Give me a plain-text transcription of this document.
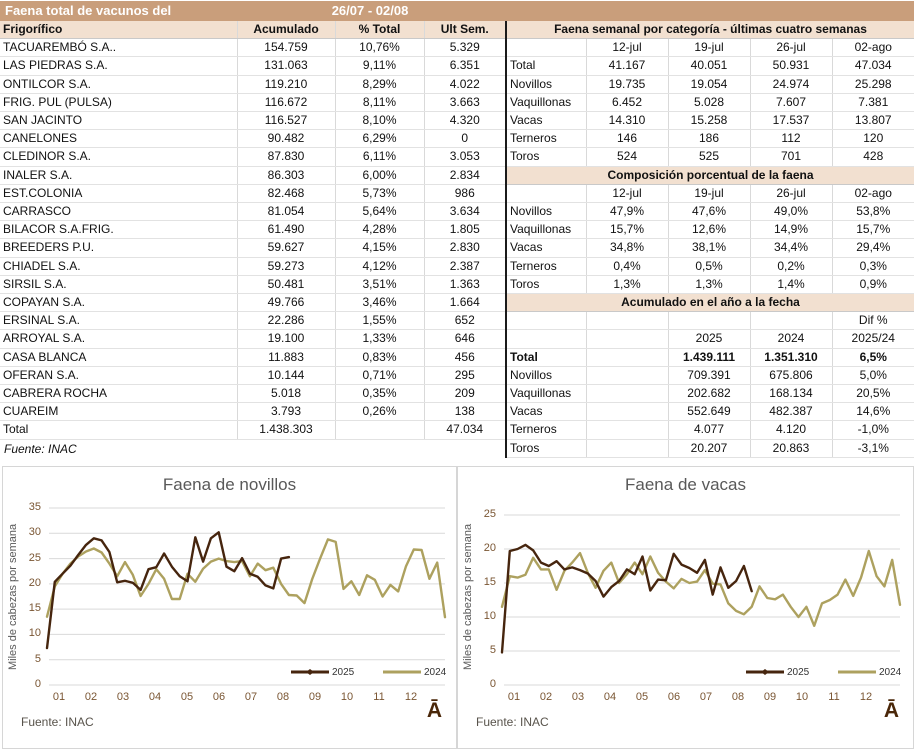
Faena total de vacunos del	26/07 - 02/08
Frigorífico	Acumulado	% Total	Ult Sem.
TACUAREMBÓ S.A..	154.759	10,76%	5.329
LAS PIEDRAS S.A.	131.063	9,11%	6.351
ONTILCOR S.A.	119.210	8,29%	4.022
FRIG. PUL (PULSA)	116.672	8,11%	3.663
SAN JACINTO	116.527	8,10%	4.320
CANELONES	90.482	6,29%	0
CLEDINOR S.A.	87.830	6,11%	3.053
INALER S.A.	86.303	6,00%	2.834
EST.COLONIA	82.468	5,73%	986
CARRASCO	81.054	5,64%	3.634
BILACOR S.A.FRIG.	61.490	4,28%	1.805
BREEDERS P.U.	59.627	4,15%	2.830
CHIADEL S.A.	59.273	4,12%	2.387
SIRSIL S.A.	50.481	3,51%	1.363
COPAYAN S.A.	49.766	3,46%	1.664
ERSINAL S.A.	22.286	1,55%	652
ARROYAL S.A.	19.100	1,33%	646
CASA BLANCA	11.883	0,83%	456
OFERAN S.A.	10.144	0,71%	295
CABRERA ROCHA	5.018	0,35%	209
CUAREIM	3.793	0,26%	138
Total	1.438.303		47.034
Fuente: INAC
Faena semanal por categoría - últimas cuatro semanas
	12-jul	19-jul	26-jul	02-ago
Total	41.167	40.051	50.931	47.034
Novillos	19.735	19.054	24.974	25.298
Vaquillonas	6.452	5.028	7.607	7.381
Vacas	14.310	15.258	17.537	13.807
Terneros	146	186	112	120
Toros	524	525	701	428
Composición porcentual de la faena
	12-jul	19-jul	26-jul	02-ago
Novillos	47,9%	47,6%	49,0%	53,8%
Vaquillonas	15,7%	12,6%	14,9%	15,7%
Vacas	34,8%	38,1%	34,4%	29,4%
Terneros	0,4%	0,5%	0,2%	0,3%
Toros	1,3%	1,3%	1,4%	0,9%
Acumulado en el año a la fecha
				Dif %
		2025	2024	2025/24
Total		1.439.111	1.351.310	6,5%
Novillos		709.391	675.806	5,0%
Vaquillonas		202.682	168.134	20,5%
Vacas		552.649	482.387	14,6%
Terneros		4.077	4.120	-1,0%
Toros		20.207	20.863	-3,1%
Faena de novillos
Miles de cabezas por semana
0
5
10
15
20
25
30
35
01	02	03	04	05	06	07	08	09	10	11	12
2025	2024
Fuente: INAC	Ā
Faena de vacas
Miles de cabezas por semana
0
5
10
15
20
25
01	02	03	04	05	06	07	08	09	10	11	12
2025	2024
Fuente: INAC	Ā
